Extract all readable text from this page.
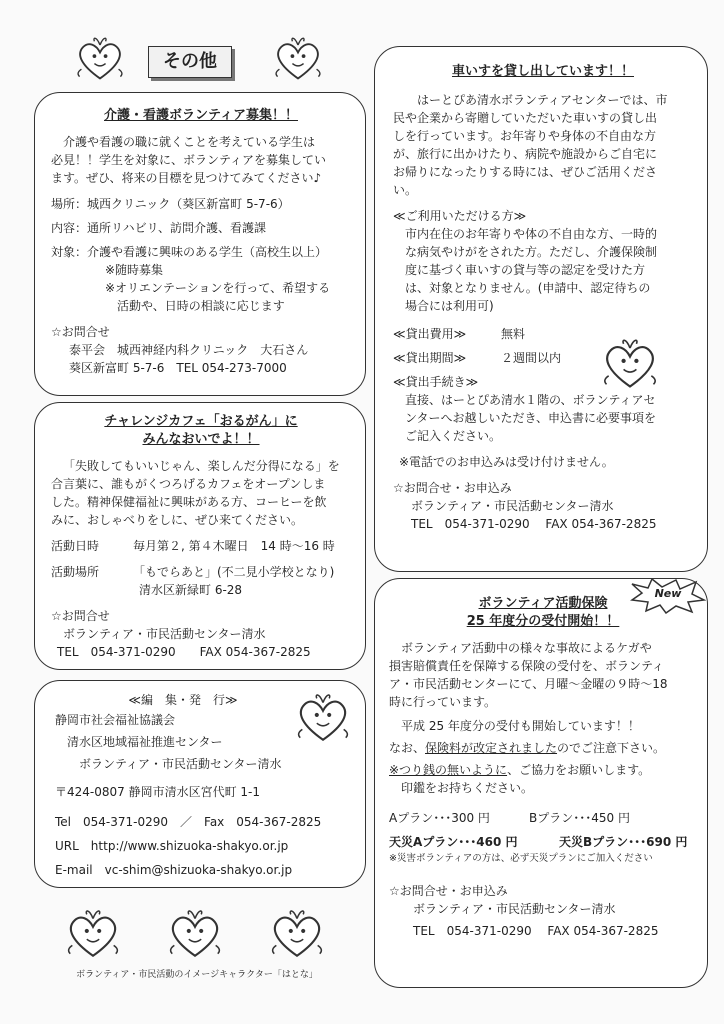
その他
介護・看護ボランティア募集！！
介護や看護の職に就くことを考えている学生は
必見！！学生を対象に、ボランティアを募集してい
ます。ぜひ、将来の目標を見つけてみてください♪
場所：城西クリニック（葵区新富町 5-7-6）
内容：通所リハビリ、訪問介護、看護課
対象：介護や看護に興味のある学生（高校生以上）
※随時募集
※オリエンテーションを行って、希望する
活動や、日時の相談に応じます
☆お問合せ
泰平会　城西神経内科クリニック　大石さん
葵区新富町 5-7-6　TEL 054-273-7000
チャレンジカフェ「おるがん」に
みんなおいでよ！！
「失敗してもいいじゃん、楽しんだ分得になる」を
合言葉に、誰もがくつろげるカフェをオープンしま
した。精神保健福祉に興味がある方、コーヒーを飲
みに、おしゃべりをしに、ぜひ来てください。
活動日時	毎月第２, 第４木曜日　14 時〜16 時
活動場所	「もでらあと」(不二見小学校となり)
清水区新緑町 6-28
☆お問合せ
ボランティア・市民活動センター清水
TEL　054-371-0290　　FAX 054-367-2825
≪編　集・発　行≫
静岡市社会福祉協議会
清水区地域福祉推進センター
ボランティア・市民活動センター清水
〒424-0807 静岡市清水区宮代町 1-1
Tel　054-371-0290　／　Fax　054-367-2825
URL　http://www.shizuoka-shakyo.or.jp
E-mail　vc-shim@shizuoka-shakyo.or.jp
ボランティア・市民活動のイメージキャラクター「はとな」
車いすを貸し出しています！！
はーとぴあ清水ボランティアセンターでは、市
民や企業から寄贈していただいた車いすの貸し出
しを行っています。お年寄りや身体の不自由な方
が、旅行に出かけたり、病院や施設からご自宅に
お帰りになったりする時には、ぜひご活用くださ
い。
≪ご利用いただける方≫
市内在住のお年寄りや体の不自由な方、一時的
な病気やけがをされた方。ただし、介護保険制
度に基づく車いすの貸与等の認定を受けた方
は、対象となりません。(申請中、認定待ちの
場合には利用可)
≪貸出費用≫	無料
≪貸出期間≫	２週間以内
≪貸出手続き≫
直接、はーとぴあ清水１階の、ボランティアセ
ンターへお越しいただき、申込書に必要事項を
ご記入ください。
※電話でのお申込みは受け付けません。
☆お問合せ・お申込み
ボランティア・市民活動センター清水
TEL　054-371-0290　 FAX 054-367-2825
ボランティア活動保険
25 年度分の受付開始！！
ボランティア活動中の様々な事故によるケガや
損害賠償責任を保障する保険の受付を、ボランティ
ア・市民活動センターにて、月曜〜金曜の９時〜18
時に行っています。
平成 25 年度分の受付も開始しています！！
なお、保険料が改定されましたのでご注意下さい。
※つり銭の無いように、ご協力をお願いします。
印鑑をお持ちください。
Aプラン･･･300 円	Bプラン･･･450 円
天災Aプラン･･･460 円	天災Bプラン･･･690 円
※災害ボランティアの方は、必ず天災プランにご加入ください
☆お問合せ・お申込み
ボランティア・市民活動センター清水
TEL　054-371-0290　 FAX 054-367-2825
New
